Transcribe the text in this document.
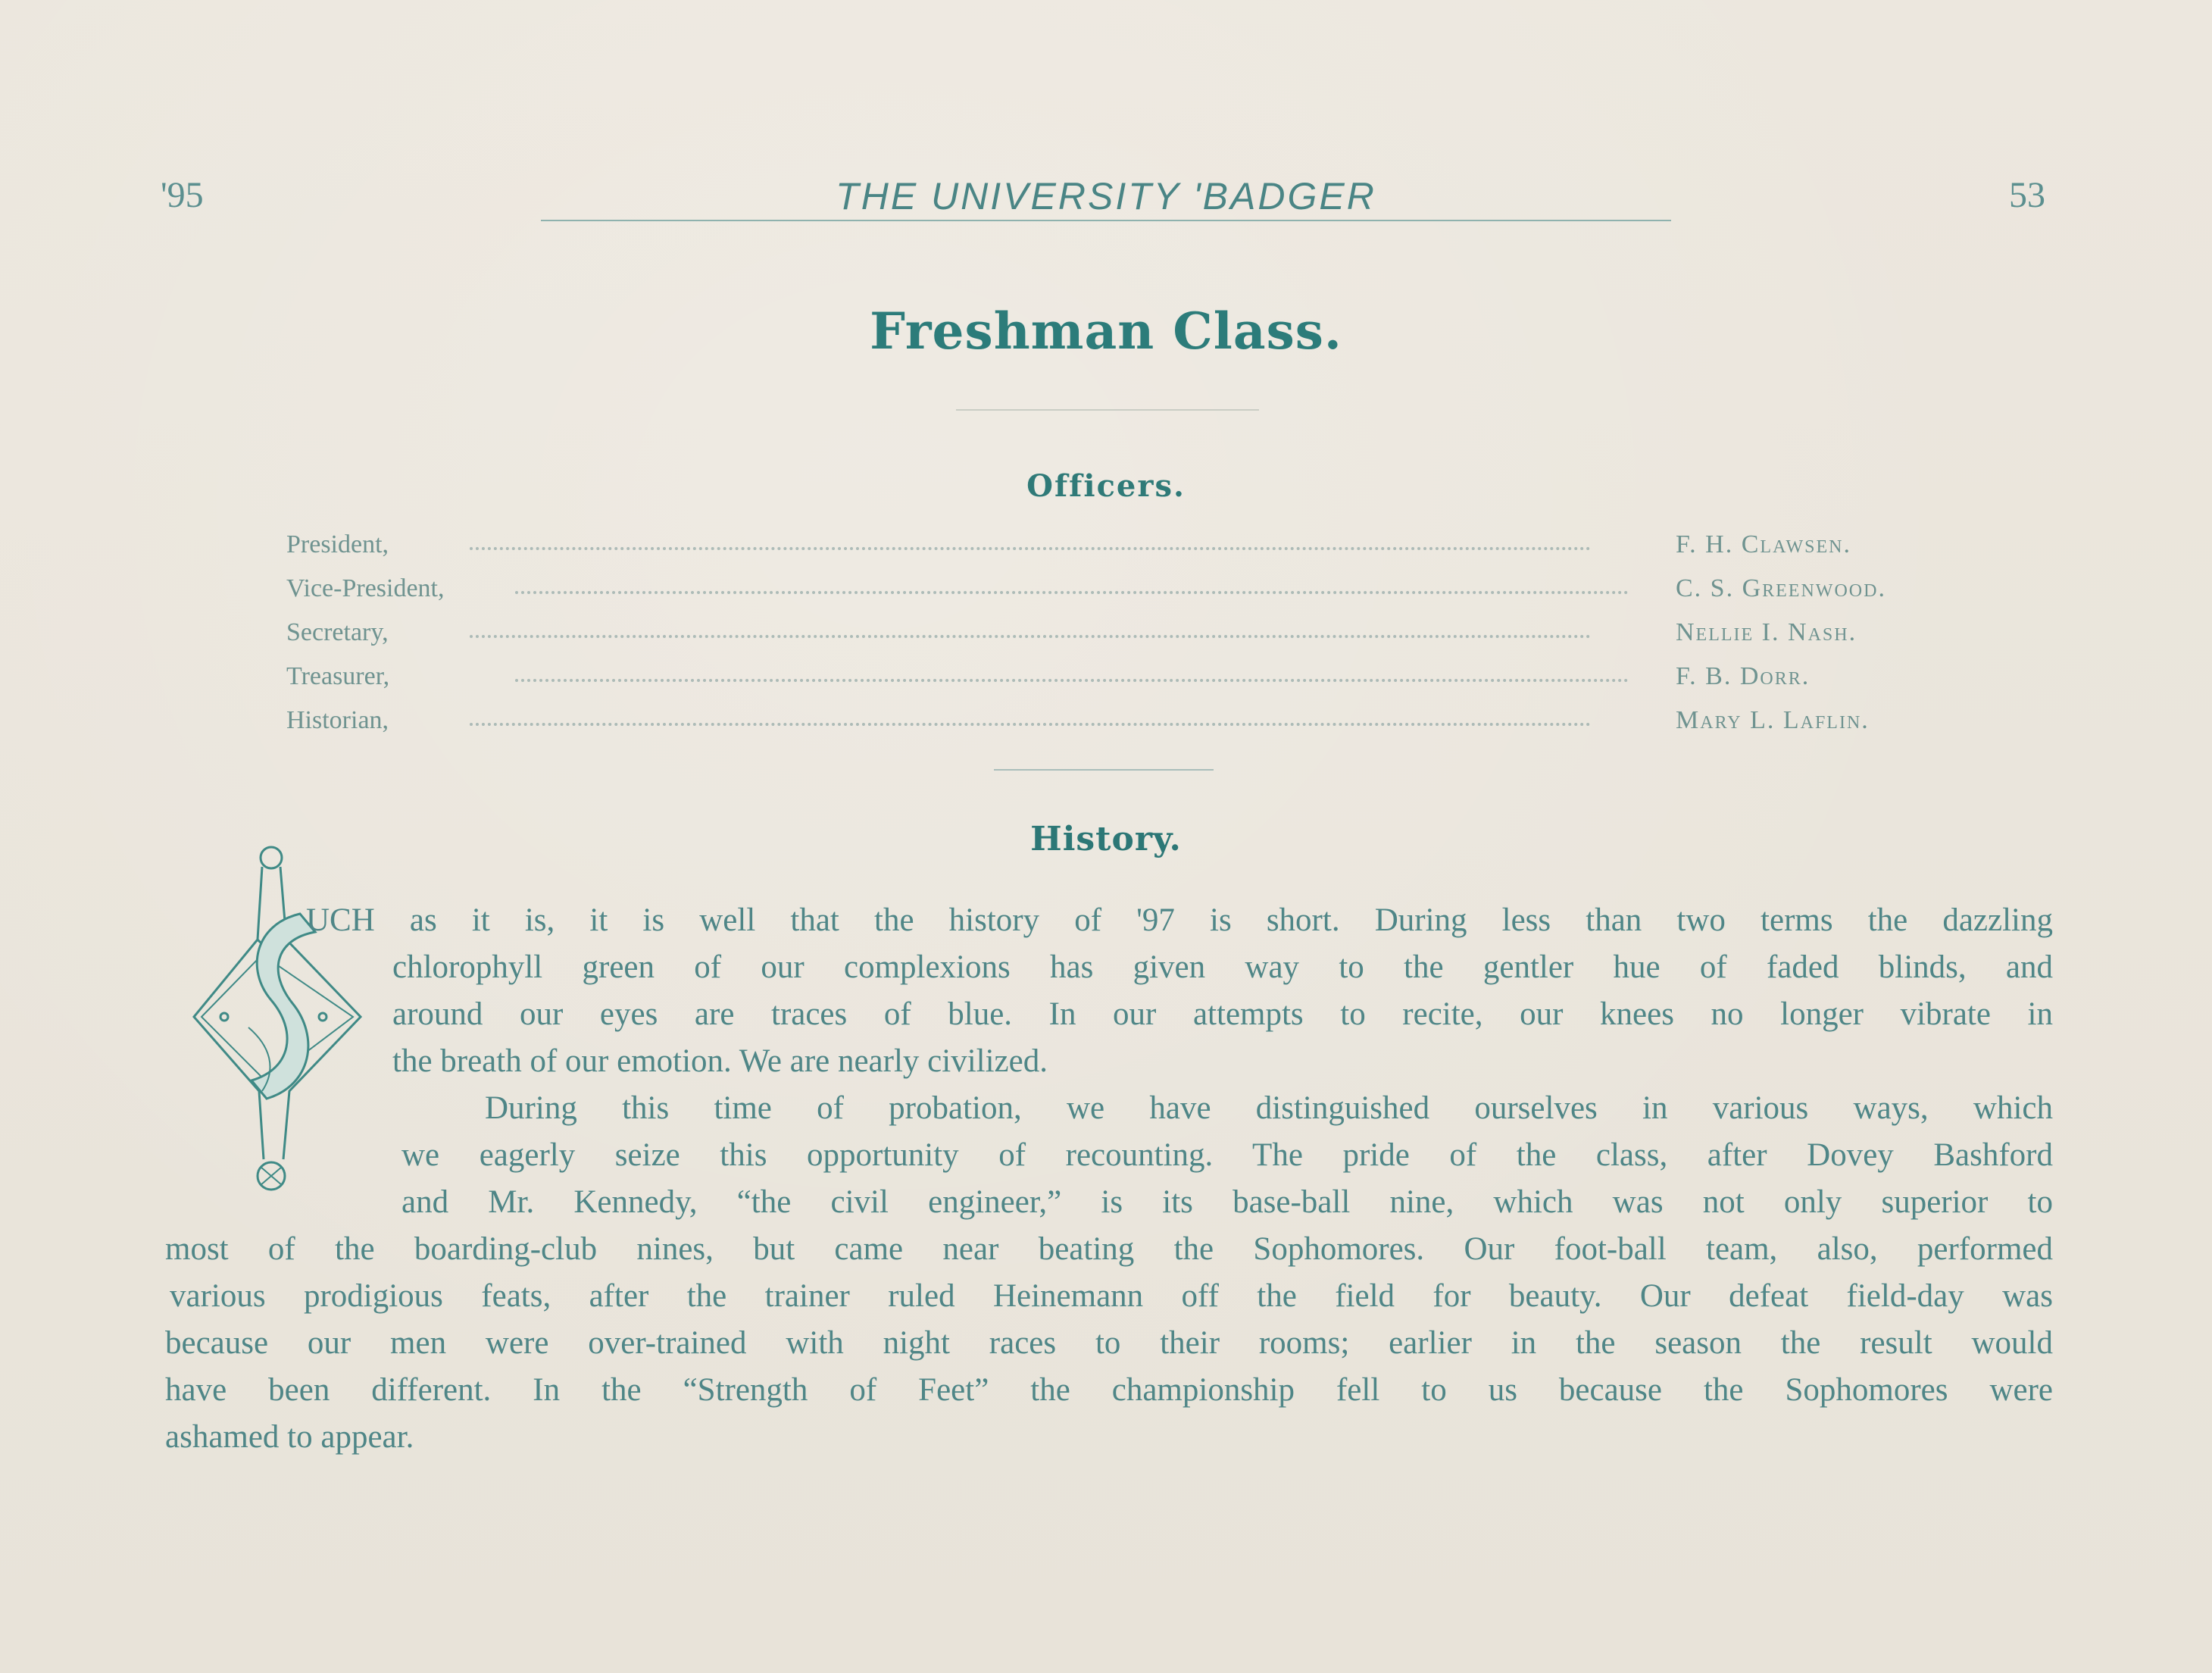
'95	THE UNIVERSITY 'BADGER	53
Freshman Class.
Officers.
President,	F. H. Clawsen.
Vice-President,	C. S. Greenwood.
Secretary,	Nellie I. Nash.
Treasurer,	F. B. Dorr.
Historian,	Mary L. Laflin.
History.
UCH as it is, it is well that the history of '97 is short. During less than two terms the dazzling
chlorophyll green of our complexions has given way to the gentler hue of faded blinds, and
around our eyes are traces of blue. In our attempts to recite, our knees no longer vibrate in
the breath of our emotion. We are nearly civilized.
During this time of probation, we have distinguished ourselves in various ways, which
we eagerly seize this opportunity of recounting. The pride of the class, after Dovey Bashford
and Mr. Kennedy, “the civil engineer,” is its base-ball nine, which was not only superior to
most of the boarding-club nines, but came near beating the Sophomores. Our foot-ball team, also, performed
various prodigious feats, after the trainer ruled Heinemann off the field for beauty. Our defeat field-day was
because our men were over-trained with night races to their rooms; earlier in the season the result would
have been different. In the “Strength of Feet” the championship fell to us because the Sophomores were
ashamed to appear.
